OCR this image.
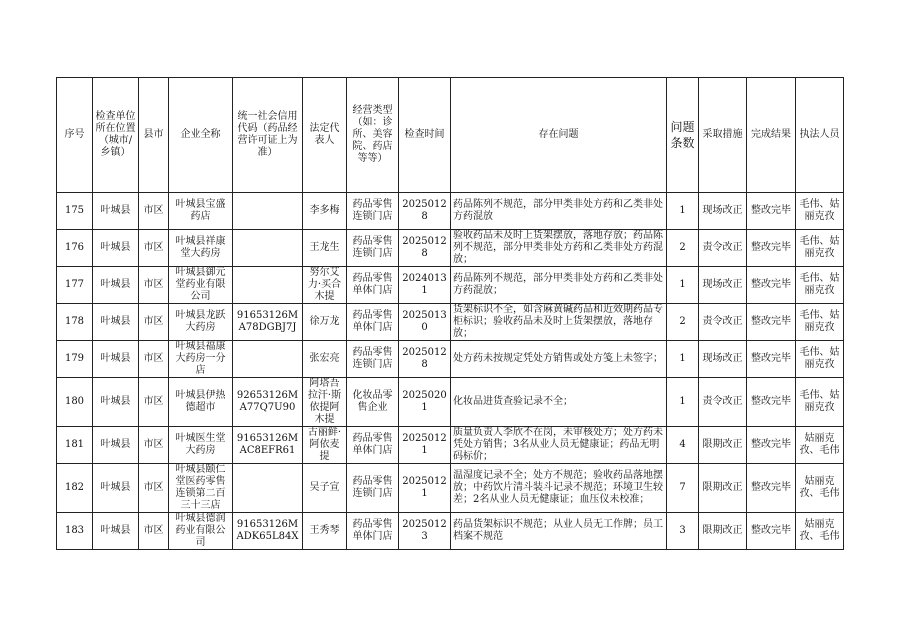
序号	检查单位所在位置（城市/乡镇）	县市	企业全称	统一社会信用代码（药品经营许可证上为准）	法定代表人	经营类型（如：诊所、美容院、药店等等）	检查时间	存在问题	问题条数	采取措施	完成结果	执法人员
175	叶城县	市区	叶城县宝盛药店		李多梅	药品零售连锁门店	20250128	药品陈列不规范，部分甲类非处方药和乙类非处方药混放	1	现场改正	整改完毕	毛伟、姑丽克孜
176	叶城县	市区	叶城县祥康堂大药房		王龙生	药品零售连锁门店	20250128	验收药品未及时上货架摆放，落地存放；药品陈列不规范，部分甲类非处方药和乙类非处方药混放；	2	责令改正	整改完毕	毛伟、姑丽克孜
177	叶城县	市区	叶城县御元堂药业有限公司		努尔艾力·买合木提	药品零售单体门店	20240131	药品陈列不规范，部分甲类非处方药和乙类非处方药混放；	1	现场改正	整改完毕	毛伟、姑丽克孜
178	叶城县	市区	叶城县龙跃大药房	91653126MA78DGBJ7J	徐万龙	药品零售单体门店	20250130	货架标识不全，如含麻黄碱药品和近效期药品专柜标识；验收药品未及时上货架摆放，落地存放；	2	责令改正	整改完毕	毛伟、姑丽克孜
179	叶城县	市区	叶城县福康大药房一分店		张宏亮	药品零售连锁门店	20250128	处方药未按规定凭处方销售或处方笺上未签字；	1	现场改正	整改完毕	毛伟、姑丽克孜
180	叶城县	市区	叶城县伊热德超市	92653126MA77Q7U90	阿塔吾拉汗·斯依提阿木提	化妆品零售企业	20250201	化妆品进货查验记录不全；	1	责令改正	整改完毕	毛伟、姑丽克孜
181	叶城县	市区	叶城医生堂大药房	91653126MAC8EFR61	古丽鲜·阿依麦提	药品零售单体门店	20250121	质量负责人李欣不在岗，未审核处方；处方药未凭处方销售；3名从业人员无健康证；药品无明码标价；	4	限期改正	整改完毕	姑丽克孜、毛伟
182	叶城县	市区	叶城县颐仁堂医药零售连锁第二百三十三店		吴子宣	药品零售连锁门店	20250121	温湿度记录不全；处方不规范；验收药品落地摆放；中药饮片清斗装斗记录不规范；环境卫生较差；2名从业人员无健康证；血压仪未校准；	7	限期改正	整改完毕	姑丽克孜、毛伟
183	叶城县	市区	叶城县德润药业有限公司	91653126MADK65L84X	王秀琴	药品零售单体门店	20250123	药品货架标识不规范；从业人员无工作牌；员工档案不规范	3	限期改正	整改完毕	姑丽克孜、毛伟
